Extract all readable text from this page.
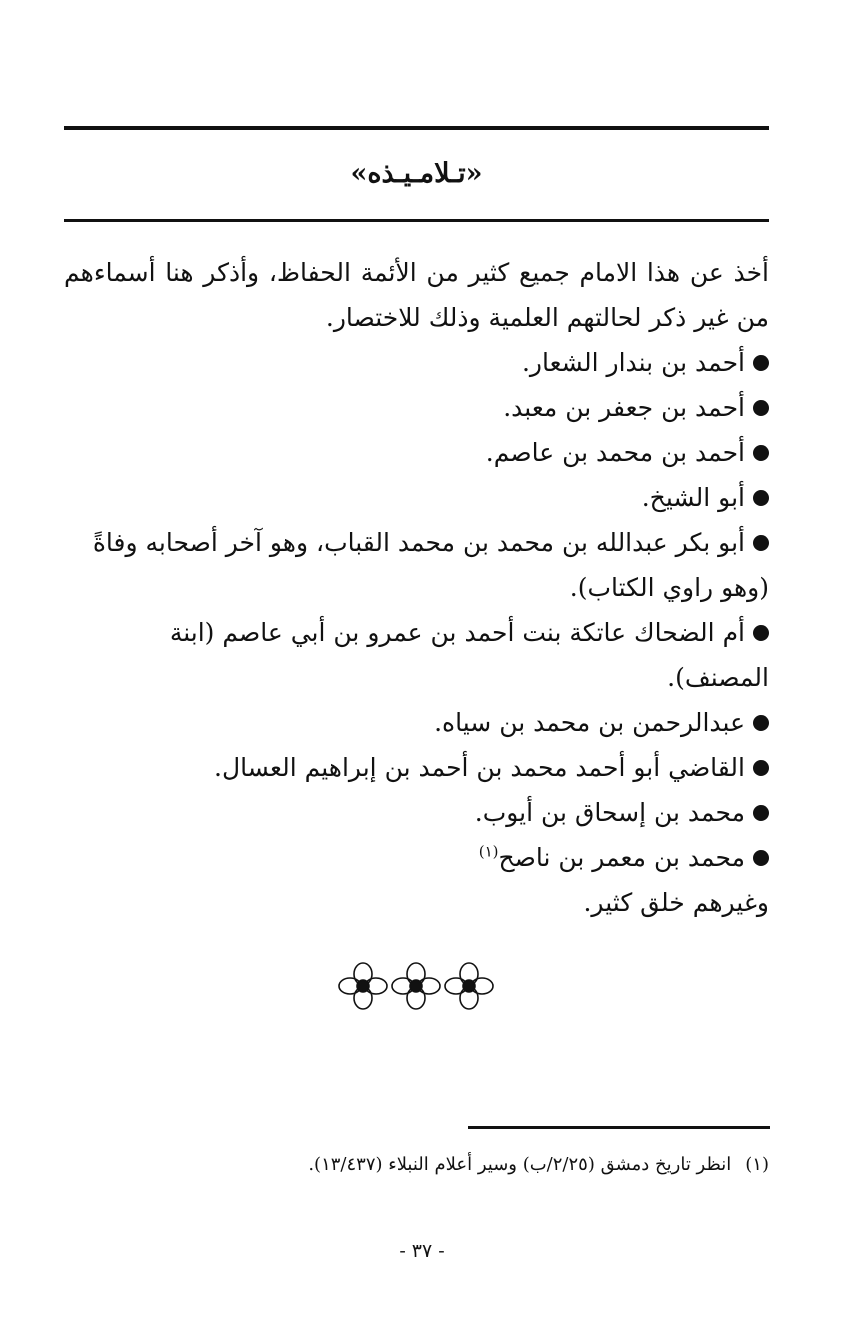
«تـلامـيـذه»

أخذ عن هذا الامام جميع كثير من الأئمة الحفاظ، وأذكر هنا أسماءهم من غير ذكر لحالتهم العلمية وذلك للاختصار.

أحمد بن بندار الشعار.
أحمد بن جعفر بن معبد.
أحمد بن محمد بن عاصم.
أبو الشيخ.
أبو بكر عبدالله بن محمد بن محمد القباب، وهو آخر أصحابه وفاةً (وهو راوي الكتاب).
أم الضحاك عاتكة بنت أحمد بن عمرو بن أبي عاصم (ابنة المصنف).
عبدالرحمن بن محمد بن سياه.
القاضي أبو أحمد محمد بن أحمد بن إبراهيم العسال.
محمد بن إسحاق بن أيوب.
محمد بن معمر بن ناصح$^{(١)}$

وغيرهم خلق كثير.

(١)انظر تاريخ دمشق (٢/٢٥/ب) وسير أعلام النبلاء (١٣/٤٣٧).
- ٣٧ -
